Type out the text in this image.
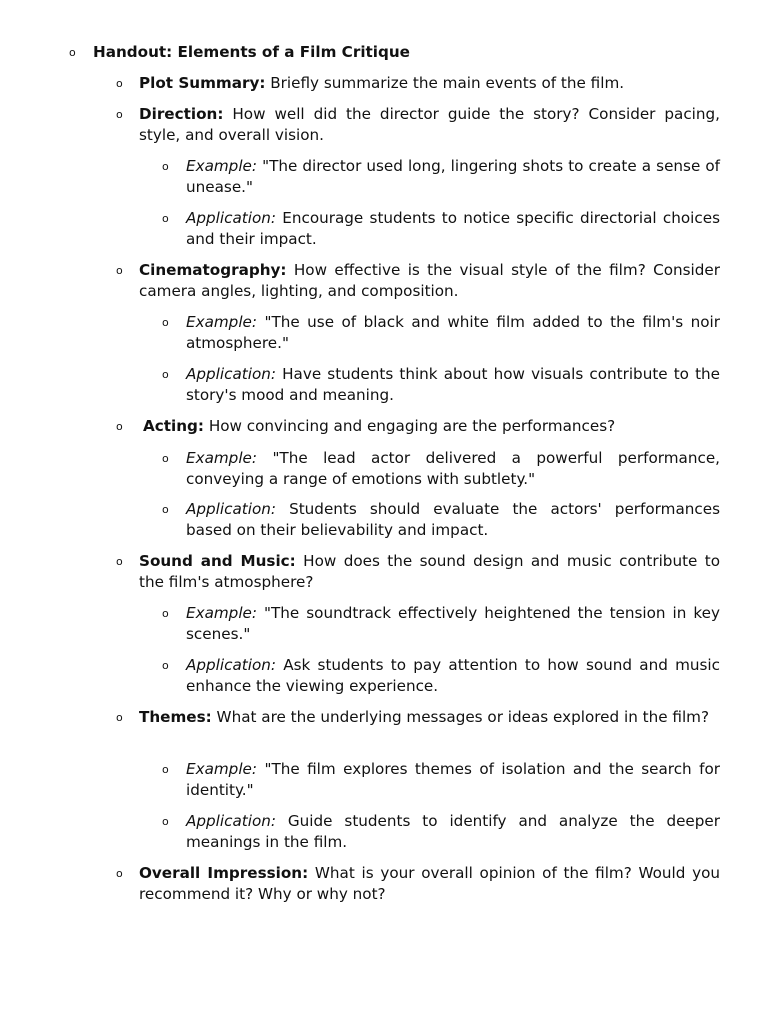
o Handout: Elements of a Film Critique
o Plot Summary: Briefly summarize the main events of the film.
o Direction: How well did the director guide the story? Consider pacing, style, and overall vision.
o Example: "The director used long, lingering shots to create a sense of unease."
o Application: Encourage students to notice specific directorial choices and their impact.
o Cinematography: How effective is the visual style of the film? Consider camera angles, lighting, and composition.
o Example: "The use of black and white film added to the film's noir atmosphere."
o Application: Have students think about how visuals contribute to the story's mood and meaning.
o Acting: How convincing and engaging are the performances?
o Example: "The lead actor delivered a powerful performance, conveying a range of emotions with subtlety."
o Application: Students should evaluate the actors' performances based on their believability and impact.
o Sound and Music: How does the sound design and music contribute to the film's atmosphere?
o Example: "The soundtrack effectively heightened the tension in key scenes."
o Application: Ask students to pay attention to how sound and music enhance the viewing experience.
o Themes: What are the underlying messages or ideas explored in the film?
o Example: "The film explores themes of isolation and the search for identity."
o Application: Guide students to identify and analyze the deeper meanings in the film.
o Overall Impression: What is your overall opinion of the film? Would you recommend it? Why or why not?
